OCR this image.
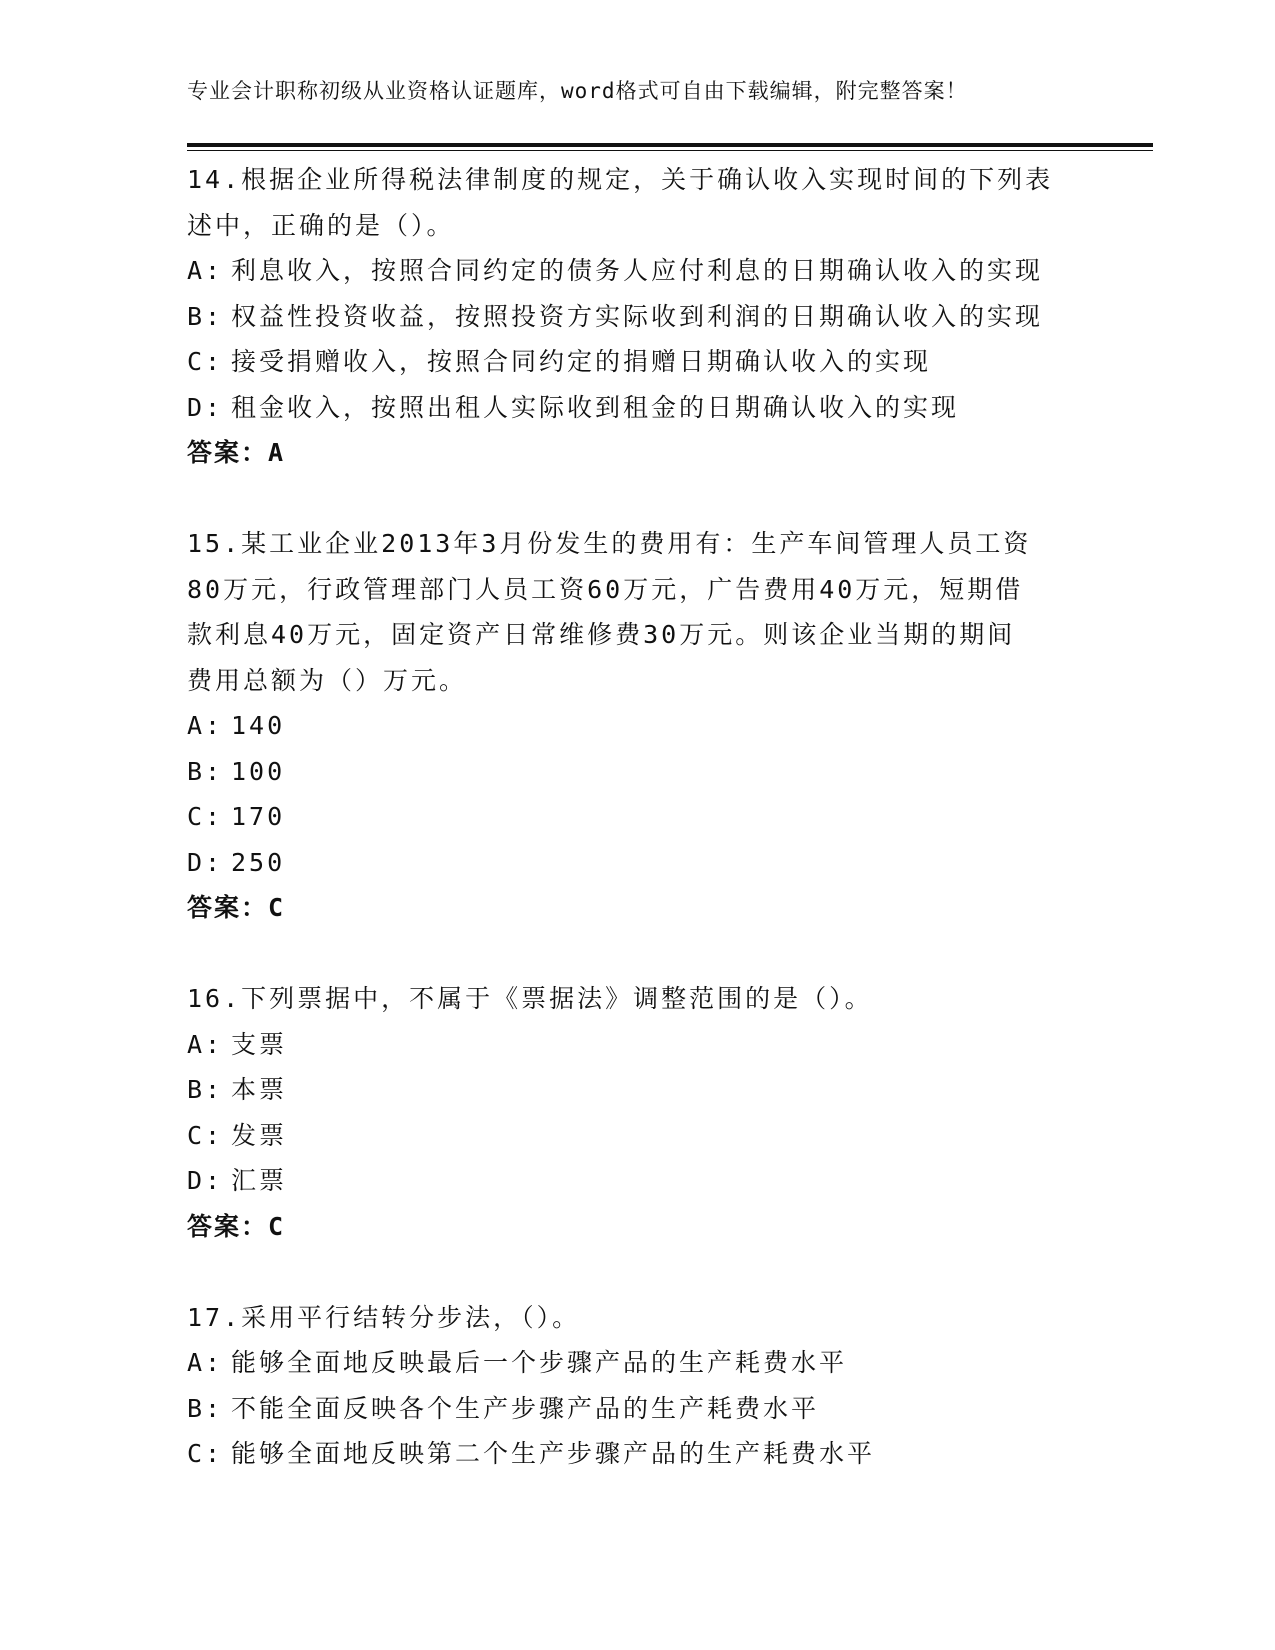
专业会计职称初级从业资格认证题库，word格式可自由下载编辑，附完整答案！
14.根据企业所得税法律制度的规定，关于确认收入实现时间的下列表
述中，正确的是（）。
A: 利息收入，按照合同约定的债务人应付利息的日期确认收入的实现
B: 权益性投资收益，按照投资方实际收到利润的日期确认收入的实现
C: 接受捐赠收入，按照合同约定的捐赠日期确认收入的实现
D: 租金收入，按照出租人实际收到租金的日期确认收入的实现
答案：A
15.某工业企业2013年3月份发生的费用有：生产车间管理人员工资
80万元，行政管理部门人员工资60万元，广告费用40万元，短期借
款利息40万元，固定资产日常维修费30万元。则该企业当期的期间
费用总额为（）万元。
A: 140
B: 100
C: 170
D: 250
答案：C
16.下列票据中，不属于《票据法》调整范围的是（）。
A: 支票
B: 本票
C: 发票
D: 汇票
答案：C
17.采用平行结转分步法，（）。
A: 能够全面地反映最后一个步骤产品的生产耗费水平
B: 不能全面反映各个生产步骤产品的生产耗费水平
C: 能够全面地反映第二个生产步骤产品的生产耗费水平
